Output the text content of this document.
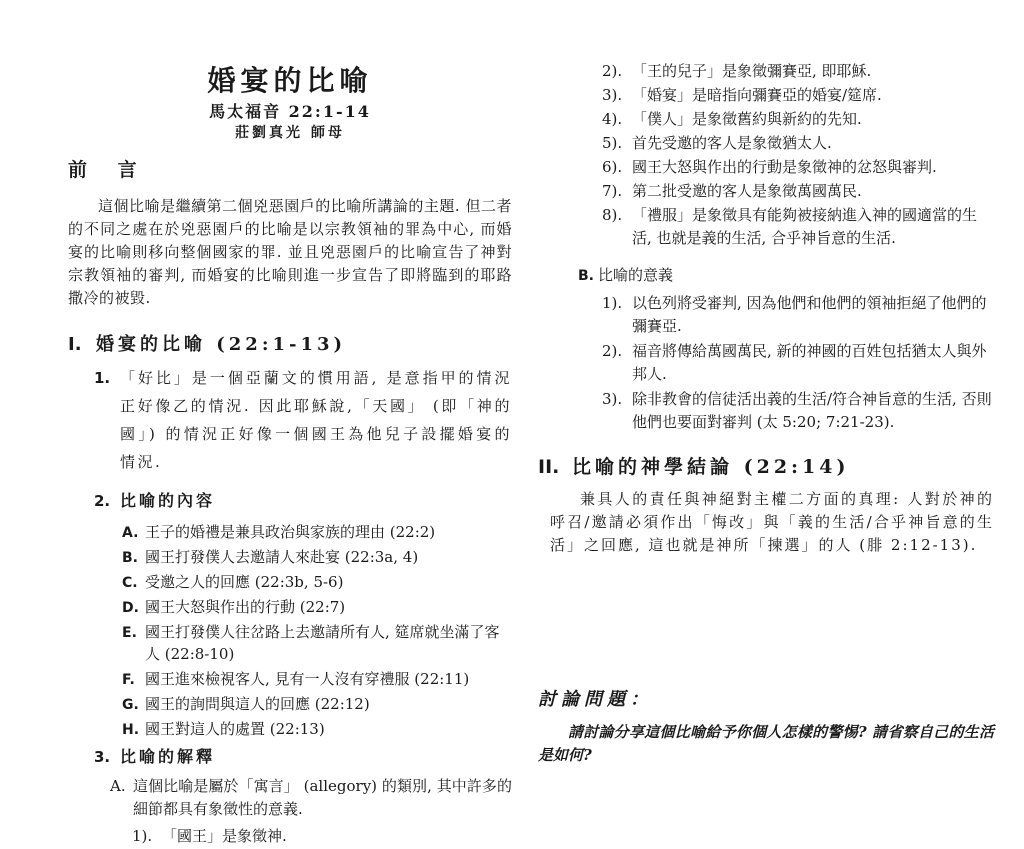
婚宴的比喻
馬太福音 22:1-14
莊劉真光 師母
前 言
這個比喻是繼續第二個兇惡園戶的比喻所講論的主題. 但二者的不同之處在於兇惡園戶的比喻是以宗教領袖的罪為中心, 而婚宴的比喻則移向整個國家的罪. 並且兇惡園戶的比喻宣告了神對宗教領袖的審判, 而婚宴的比喻則進一步宣告了即將臨到的耶路撒冷的被毀.
I. 婚宴的比喻 (22:1-13)
1. 「好比」是一個亞蘭文的慣用語, 是意指甲的情況正好像乙的情況. 因此耶穌說,「天國」 (即「神的國」) 的情況正好像一個國王為他兒子設擺婚宴的情況.
2. 比喻的內容
A. 王子的婚禮是兼具政治與家族的理由 (22:2)
B. 國王打發僕人去邀請人來赴宴 (22:3a, 4)
C. 受邀之人的回應 (22:3b, 5-6)
D. 國王大怒與作出的行動 (22:7)
E. 國王打發僕人往岔路上去邀請所有人, 筵席就坐滿了客人 (22:8-10)
F. 國王進來檢視客人, 見有一人沒有穿禮服 (22:11)
G. 國王的詢問與這人的回應 (22:12)
H. 國王對這人的處置 (22:13)
3. 比喻的解釋
A. 這個比喻是屬於「寓言」 (allegory) 的類別, 其中許多的細節都具有象徵性的意義.
1). 「國王」是象徵神.
2). 「王的兒子」是象徵彌賽亞, 即耶穌.
3). 「婚宴」是暗指向彌賽亞的婚宴/筵席.
4). 「僕人」是象徵舊約與新約的先知.
5). 首先受邀的客人是象徵猶太人.
6). 國王大怒與作出的行動是象徵神的忿怒與審判.
7). 第二批受邀的客人是象徵萬國萬民.
8). 「禮服」是象徵具有能夠被接納進入神的國適當的生活, 也就是義的生活, 合乎神旨意的生活.
B. 比喻的意義
1). 以色列將受審判, 因為他們和他們的領袖拒絕了他們的彌賽亞.
2). 福音將傳給萬國萬民, 新的神國的百姓包括猶太人與外邦人.
3). 除非教會的信徒活出義的生活/符合神旨意的生活, 否則他們也要面對審判 (太 5:20; 7:21-23).
II. 比喻的神學結論 (22:14)
兼具人的責任與神絕對主權二方面的真理: 人對於神的呼召/邀請必須作出「悔改」與「義的生活/合乎神旨意的生活」之回應, 這也就是神所「揀選」的人 (腓 2:12-13).
討論問題：
請討論分享這個比喻給予你個人怎樣的警惕? 請省察自己的生活是如何?
